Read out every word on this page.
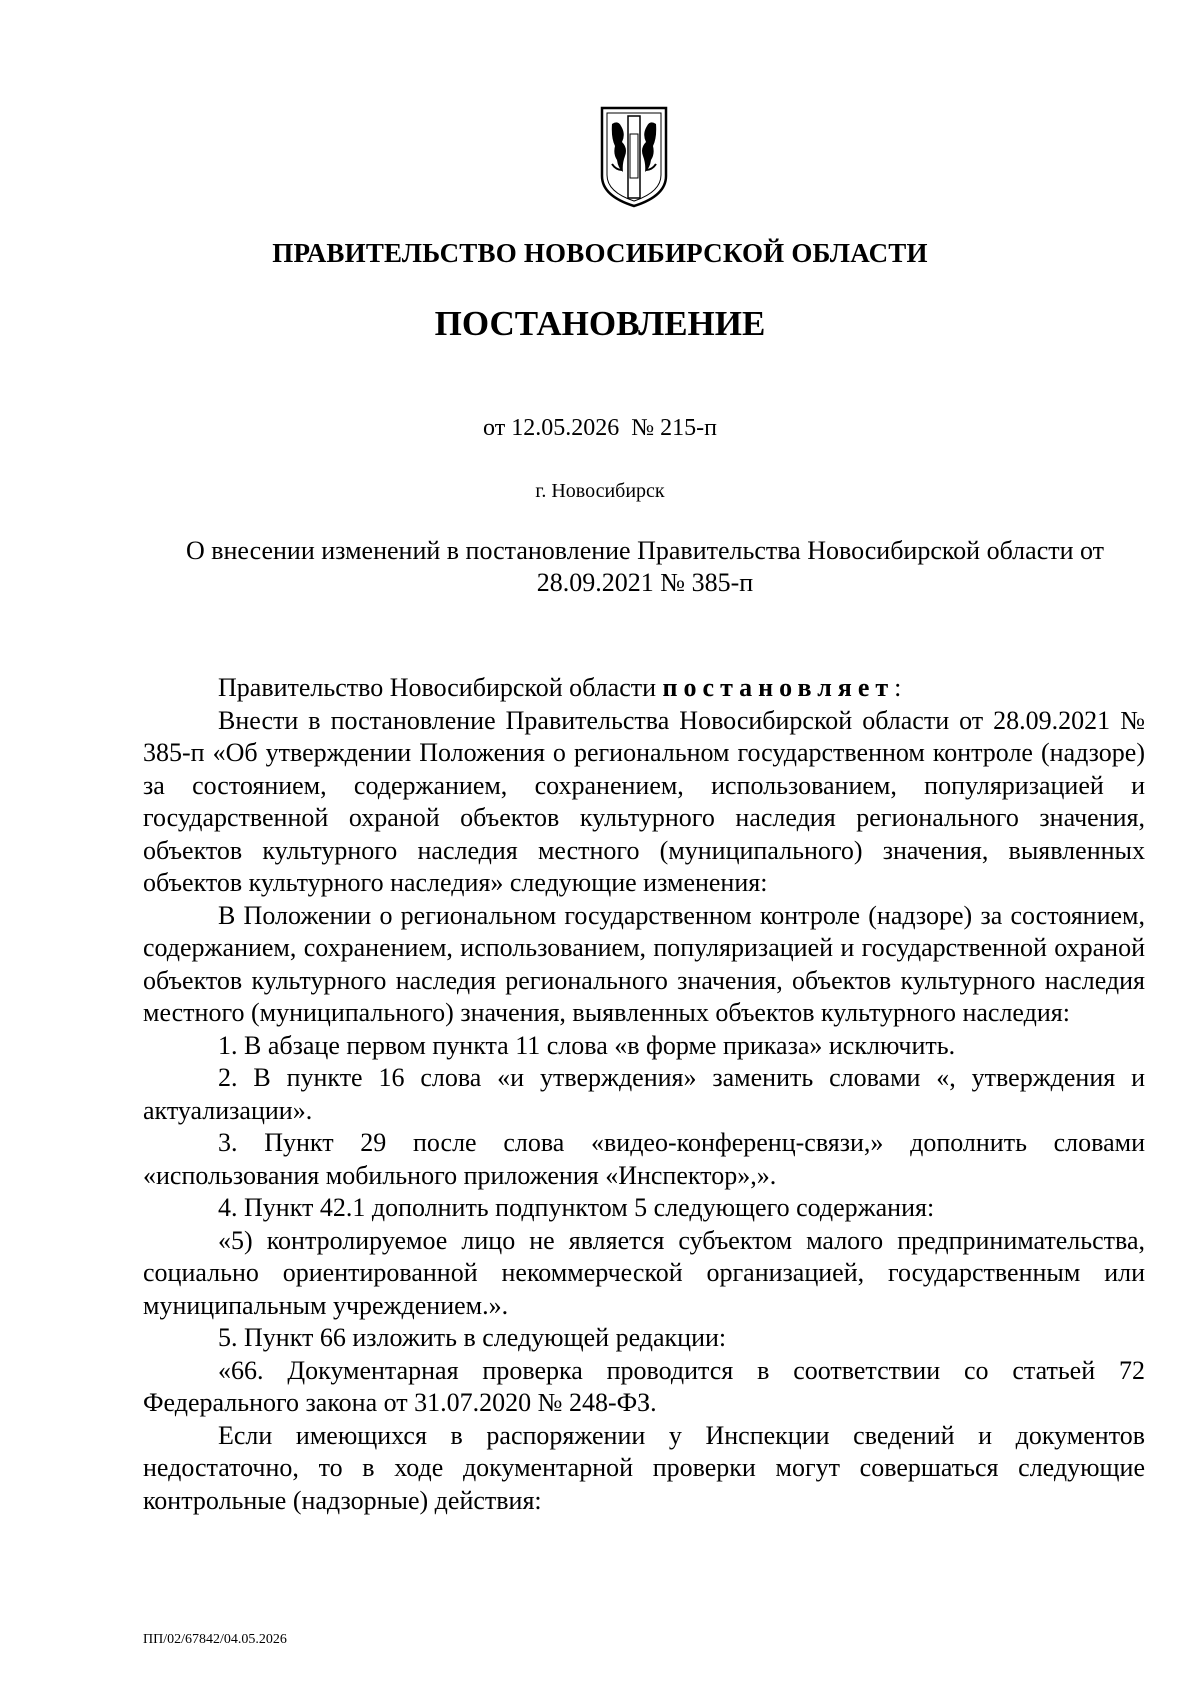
ПРАВИТЕЛЬСТВО НОВОСИБИРСКОЙ ОБЛАСТИ
ПОСТАНОВЛЕНИЕ
от 12.05.2026  № 215-п
г. Новосибирск
О внесении изменений в постановление Правительства Новосибирской области от 28.09.2021 № 385-п

Правительство Новосибирской области постановляет:

Внести в постановление Правительства Новосибирской области от 28.09.2021 № 385-п «Об утверждении Положения о региональном государственном контроле (надзоре) за состоянием, содержанием, сохранением, использованием, популяризацией и государственной охраной объектов культурного наследия регионального значения, объектов культурного наследия местного (муниципального) значения, выявленных объектов культурного наследия» следующие изменения:

В Положении о региональном государственном контроле (надзоре) за состоянием, содержанием, сохранением, использованием, популяризацией и государственной охраной объектов культурного наследия регионального значения, объектов культурного наследия местного (муниципального) значения, выявленных объектов культурного наследия:

1. В абзаце первом пункта 11 слова «в форме приказа» исключить.

2. В пункте 16 слова «и утверждения» заменить словами «, утверждения и актуализации».

3. Пункт 29 после слова «видео-конференц-связи,» дополнить словами «использования мобильного приложения «Инспектор»,».

4. Пункт 42.1 дополнить подпунктом 5 следующего содержания:

«5) контролируемое лицо не является субъектом малого предпринимательства, социально ориентированной некоммерческой организацией, государственным или муниципальным учреждением.».

5. Пункт 66 изложить в следующей редакции:

«66. Документарная проверка проводится в соответствии со статьей 72 Федерального закона от 31.07.2020 № 248-ФЗ.

Если имеющихся в распоряжении у Инспекции сведений и документов недостаточно, то в ходе документарной проверки могут совершаться следующие контрольные (надзорные) действия:

ПП/02/67842/04.05.2026
